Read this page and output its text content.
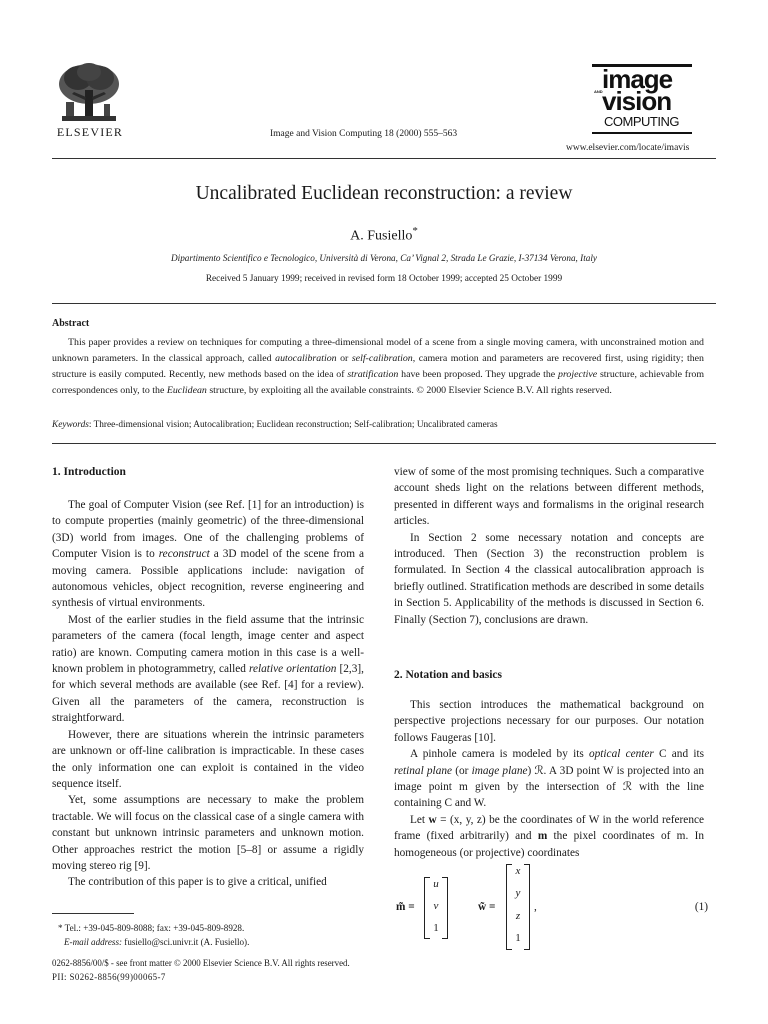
ELSEVIER	Image and Vision Computing 18 (2000) 555–563
image
AND vision
COMPUTING
www.elsevier.com/locate/imavis
Uncalibrated Euclidean reconstruction: a review
A. Fusiello*
Dipartimento Scientifico e Tecnologico, Università di Verona, Ca’ Vignal 2, Strada Le Grazie, I-37134 Verona, Italy
Received 5 January 1999; received in revised form 18 October 1999; accepted 25 October 1999
Abstract

This paper provides a review on techniques for computing a three-dimensional model of a scene from a single moving camera, with unconstrained motion and unknown parameters. In the classical approach, called autocalibration or self-calibration, camera motion and parameters are recovered first, using rigidity; then structure is easily computed. Recently, new methods based on the idea of stratification have been proposed. They upgrade the projective structure, achievable from correspondences only, to the Euclidean structure, by exploiting all the available constraints. © 2000 Elsevier Science B.V. All rights reserved.

Keywords: Three-dimensional vision; Autocalibration; Euclidean reconstruction; Self-calibration; Uncalibrated cameras
1. Introduction

The goal of Computer Vision (see Ref. [1] for an introduction) is to compute properties (mainly geometric) of the three-dimensional (3D) world from images. One of the challenging problems of Computer Vision is to reconstruct a 3D model of the scene from a moving camera. Possible applications include: navigation of autonomous vehicles, object recognition, reverse engineering and synthesis of virtual environments.

Most of the earlier studies in the field assume that the intrinsic parameters of the camera (focal length, image center and aspect ratio) are known. Computing camera motion in this case is a well-known problem in photogrammetry, called relative orientation [2,3], for which several methods are available (see Ref. [4] for a review). Given all the parameters of the camera, reconstruction is straightforward.

However, there are situations wherein the intrinsic parameters are unknown or off-line calibration is impracticable. In these cases the only information one can exploit is contained in the video sequence itself.

Yet, some assumptions are necessary to make the problem tractable. We will focus on the classical case of a single camera with constant but unknown intrinsic parameters and unknown motion. Other approaches restrict the motion [5–8] or assume a rigidly moving stereo rig [9].

The contribution of this paper is to give a critical, unified

* Tel.: +39-045-809-8088; fax: +39-045-809-8928.
E-mail address: fusiello@sci.univr.it (A. Fusiello).
0262-8856/00/$ - see front matter © 2000 Elsevier Science B.V. All rights reserved.
PII: S0262-8856(99)00065-7

view of some of the most promising techniques. Such a comparative account sheds light on the relations between different methods, presented in different ways and formalisms in the original research articles.

In Section 2 some necessary notation and concepts are introduced. Then (Section 3) the reconstruction problem is formulated. In Section 4 the classical autocalibration approach is briefly outlined. Stratification methods are described in some details in Section 5. Applicability of the methods is discussed in Section 6. Finally (Section 7), conclusions are drawn.

2. Notation and basics

This section introduces the mathematical background on perspective projections necessary for our purposes. Our notation follows Faugeras [10].

A pinhole camera is modeled by its optical center C and its retinal plane (or image plane) ℛ. A 3D point W is projected into an image point m given by the intersection of ℛ with the line containing C and W.

Let w = (x, y, z) be the coordinates of W in the world reference frame (fixed arbitrarily) and m the pixel coordinates of m. In homogeneous (or projective) coordinates

m̃ =
u
v
1
w̃ =
x
y
z
1
,	(1)
